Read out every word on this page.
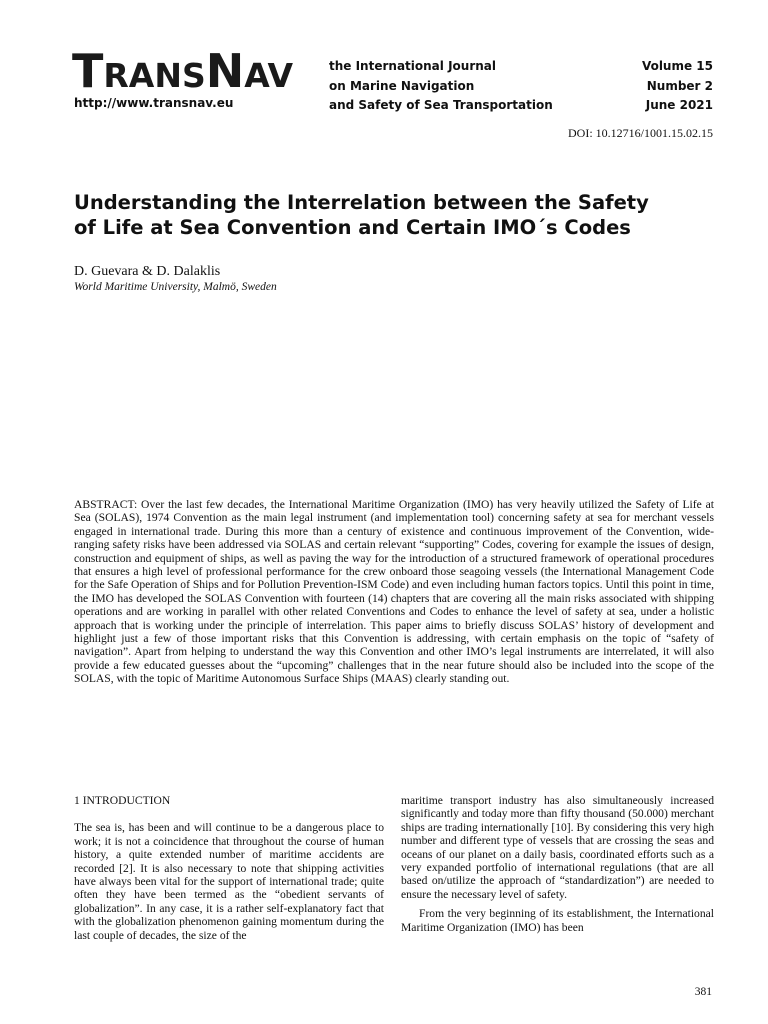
TRANSNAV
http://www.transnav.eu
the International Journal
on Marine Navigation
and Safety of Sea Transportation
Volume 15
Number 2
June 2021
DOI: 10.12716/1001.15.02.15
Understanding the Interrelation between the Safety
of Life at Sea Convention and Certain IMO´s Codes
D. Guevara & D. Dalaklis
World Maritime University, Malmö, Sweden
ABSTRACT: Over the last few decades, the International Maritime Organization (IMO) has very heavily utilized the Safety of Life at Sea (SOLAS), 1974 Convention as the main legal instrument (and implementation tool) concerning safety at sea for merchant vessels engaged in international trade. During this more than a century of existence and continuous improvement of the Convention, wide-ranging safety risks have been addressed via SOLAS and certain relevant “supporting” Codes, covering for example the issues of design, construction and equipment of ships, as well as paving the way for the introduction of a structured framework of operational procedures that ensures a high level of professional performance for the crew onboard those seagoing vessels (the International Management Code for the Safe Operation of Ships and for Pollution Prevention-ISM Code) and even including human factors topics. Until this point in time, the IMO has developed the SOLAS Convention with fourteen (14) chapters that are covering all the main risks associated with shipping operations and are working in parallel with other related Conventions and Codes to enhance the level of safety at sea, under a holistic approach that is working under the principle of interrelation. This paper aims to briefly discuss SOLAS’ history of development and highlight just a few of those important risks that this Convention is addressing, with certain emphasis on the topic of “safety of navigation”. Apart from helping to understand the way this Convention and other IMO’s legal instruments are interrelated, it will also provide a few educated guesses about the “upcoming” challenges that in the near future should also be included into the scope of the SOLAS, with the topic of Maritime Autonomous Surface Ships (MAAS) clearly standing out.
1 INTRODUCTION

The sea is, has been and will continue to be a dangerous place to work; it is not a coincidence that throughout the course of human history, a quite extended number of maritime accidents are recorded [2]. It is also necessary to note that shipping activities have always been vital for the support of international trade; quite often they have been termed as the “obedient servants of globalization”. In any case, it is a rather self-explanatory fact that with the globalization phenomenon gaining momentum during the last couple of decades, the size of the

maritime transport industry has also simultaneously increased significantly and today more than fifty thousand (50.000) merchant ships are trading internationally [10]. By considering this very high number and different type of vessels that are crossing the seas and oceans of our planet on a daily basis, coordinated efforts such as a very expanded portfolio of international regulations (that are all based on/utilize the approach of “standardization”) are needed to ensure the necessary level of safety.

From the very beginning of its establishment, the International Maritime Organization (IMO) has been

381
